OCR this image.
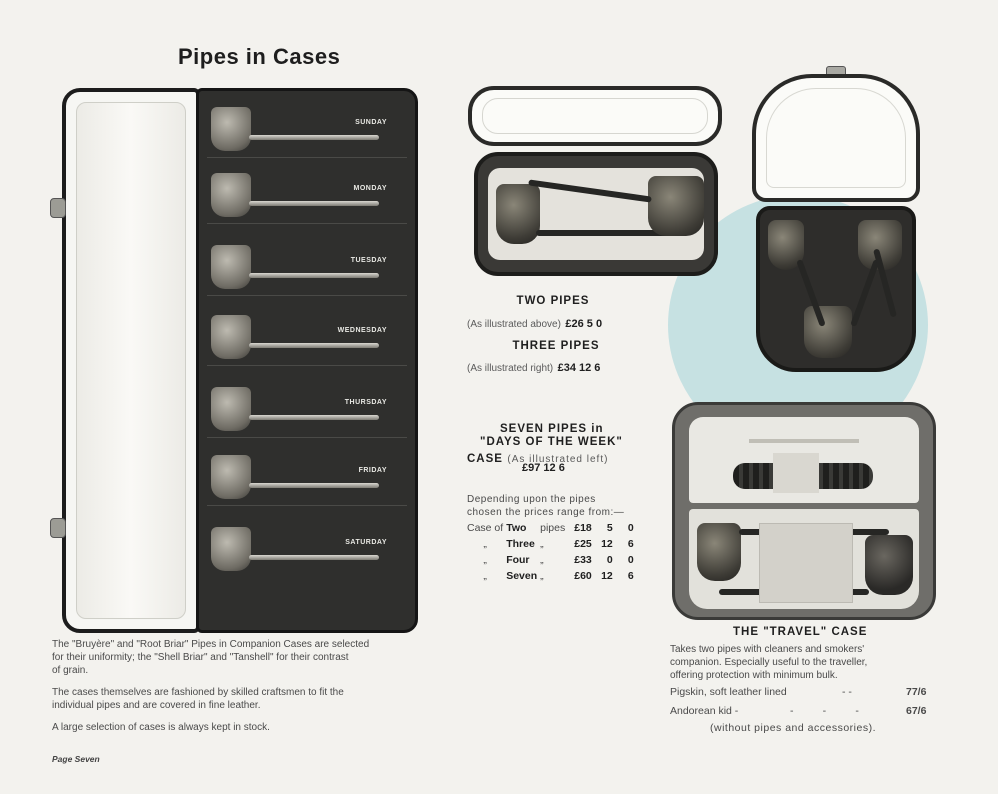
Pipes in Cases
SUNDAY
MONDAY
TUESDAY
WEDNESDAY
THURSDAY
FRIDAY
SATURDAY
TWO PIPES
(As illustrated above) £26 5 0
THREE PIPES
(As illustrated right) £34 12 6
SEVEN PIPES in
"DAYS OF THE WEEK"
CASE (As illustrated left)
£97 12 6
Depending upon the pipes
chosen the prices range from:—
Case of	Two	pipes	£18	5	0
„	Three	„	£25	12	6
„	Four	„	£33	0	0
„	Seven	„	£60	12	6
THE "TRAVEL" CASE
Takes two pipes with cleaners and smokers'
companion. Especially useful to the traveller,
offering protection with minimum bulk.
Pigskin, soft leather lined	- -	77/6
Andorean kid -	-          -          -	67/6
(without pipes and accessories).
The "Bruyère" and "Root Briar" Pipes in Companion Cases are selected
for their uniformity; the "Shell Briar" and "Tanshell" for their contrast
of grain.
The cases themselves are fashioned by skilled craftsmen to fit the
individual pipes and are covered in fine leather.
A large selection of cases is always kept in stock.
Page Seven
